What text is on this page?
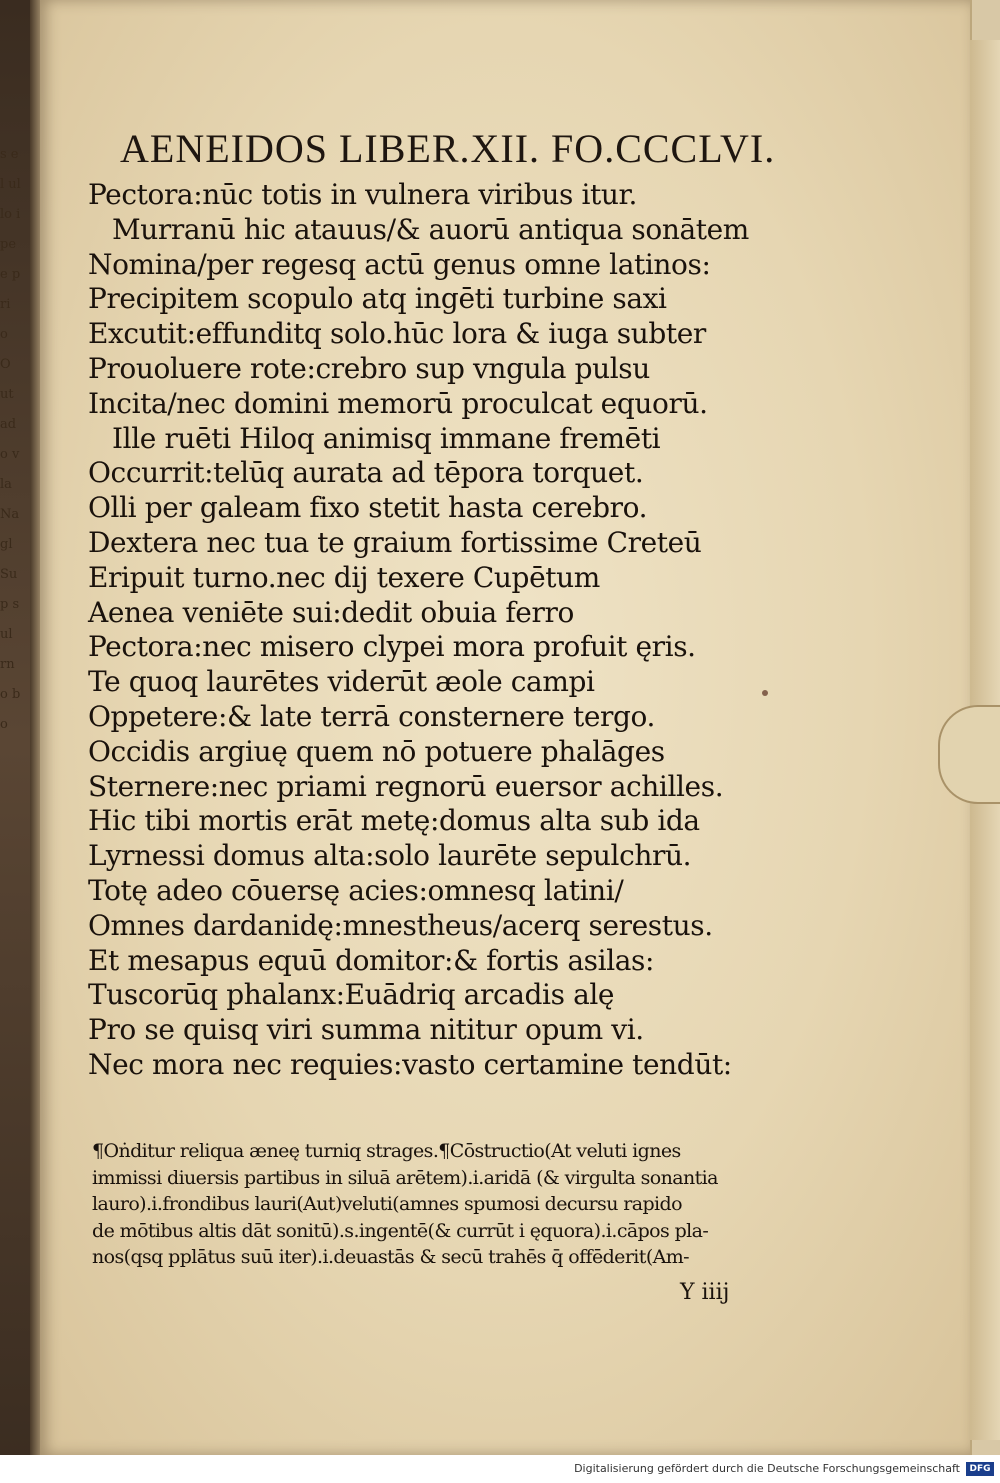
s el ullo ipe e pri o O ut ado vla Na gl Sup sul rno bo
AENEIDOS LIBER.XII. FO.CCCLVI.
Pectora:nūc totis in vulnera viribus itur.
Murranū hic atauus/& auorū antiqua sonātem
Nomina/per regesq actū genus omne latinos:
Precipitem scopulo atq ingēti turbine saxi
Excutit:effunditq solo.hūc lora & iuga subter
Prouoluere rote:crebro sup vngula pulsu
Incita/nec domini memorū proculcat equorū.
Ille ruēti Hiloq animisq immane fremēti
Occurrit:telūq aurata ad tēpora torquet.
Olli per galeam fixo stetit hasta cerebro.
Dextera nec tua te graium fortissime Creteū
Eripuit turno.nec dij texere Cupētum
Aenea veniēte sui:dedit obuia ferro
Pectora:nec misero clypei mora profuit ęris.
Te quoq laurētes viderūt æole campi
Oppetere:& late terrā consternere tergo.
Occidis argiuę quem nō potuere phalāges
Sternere:nec priami regnorū euersor achilles.
Hic tibi mortis erāt metę:domus alta sub ida
Lyrnessi domus alta:solo laurēte sepulchrū.
Totę adeo cōuersę acies:omnesq latini/
Omnes dardanidę:mnestheus/acerq serestus.
Et mesapus equū domitor:& fortis asilas:
Tuscorūq phalanx:Euādriq arcadis alę
Pro se quisq viri summa nititur opum vi.
Nec mora nec requies:vasto certamine tendūt:
¶Oṅditur reliqua æneę turniq strages.¶Cōstructio(At veluti ignes
immissi diuersis partibus in siluā arētem).i.aridā (& virgulta sonantia
lauro).i.frondibus lauri(Aut)veluti(amnes spumosi decursu rapido
de mōtibus altis dāt sonitū).s.ingentē(& currūt i ęquora).i.cāpos pla-
nos(qsq pplātus suū iter).i.deuastās & secū trahēs q̄ offēderit(Am-
Y iiij
Digitalisierung gefördert durch die Deutsche Forschungsgemeinschaft	DFG
